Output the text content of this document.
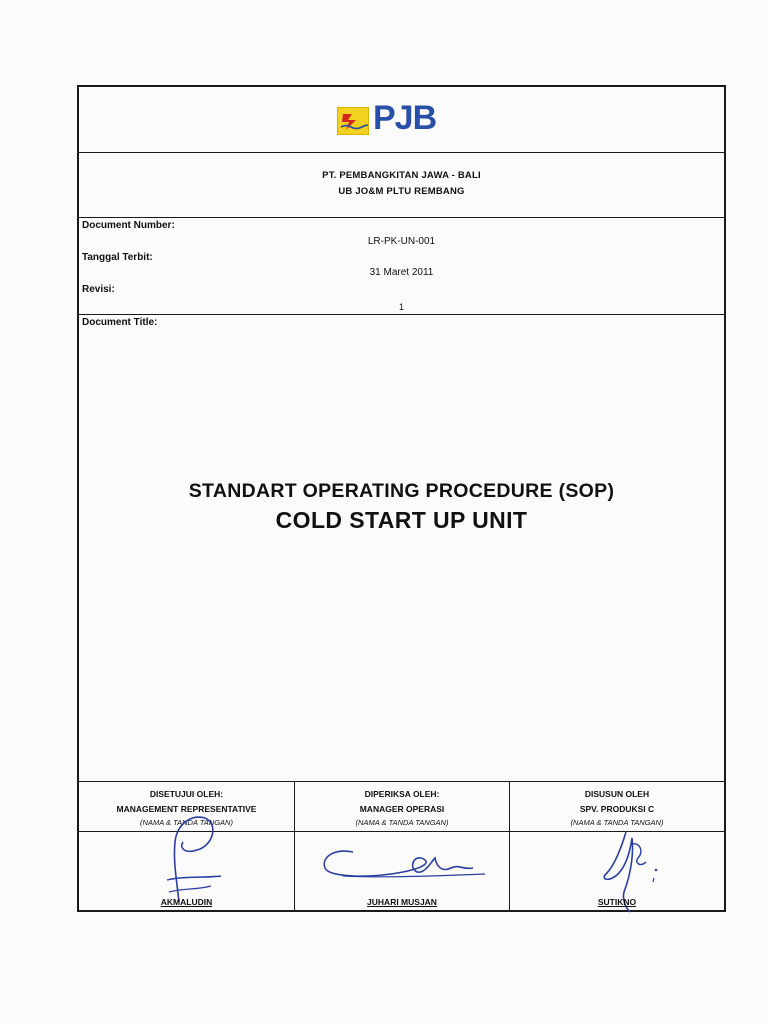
PJB
PT. PEMBANGKITAN JAWA - BALI
UB JO&M PLTU REMBANG
Document Number:
LR-PK-UN-001
Tanggal Terbit:
31 Maret 2011
Revisi:
1
Document Title:
STANDART OPERATING PROCEDURE (SOP)
COLD START UP UNIT
DISETUJUI OLEH:
MANAGEMENT REPRESENTATIVE
(NAMA & TANDA TANGAN)
AKMALUDIN
DIPERIKSA OLEH:
MANAGER OPERASI
(NAMA & TANDA TANGAN)
JUHARI MUSJAN
DISUSUN OLEH
SPV. PRODUKSI C
(NAMA & TANDA TANGAN)
SUTIKNO
